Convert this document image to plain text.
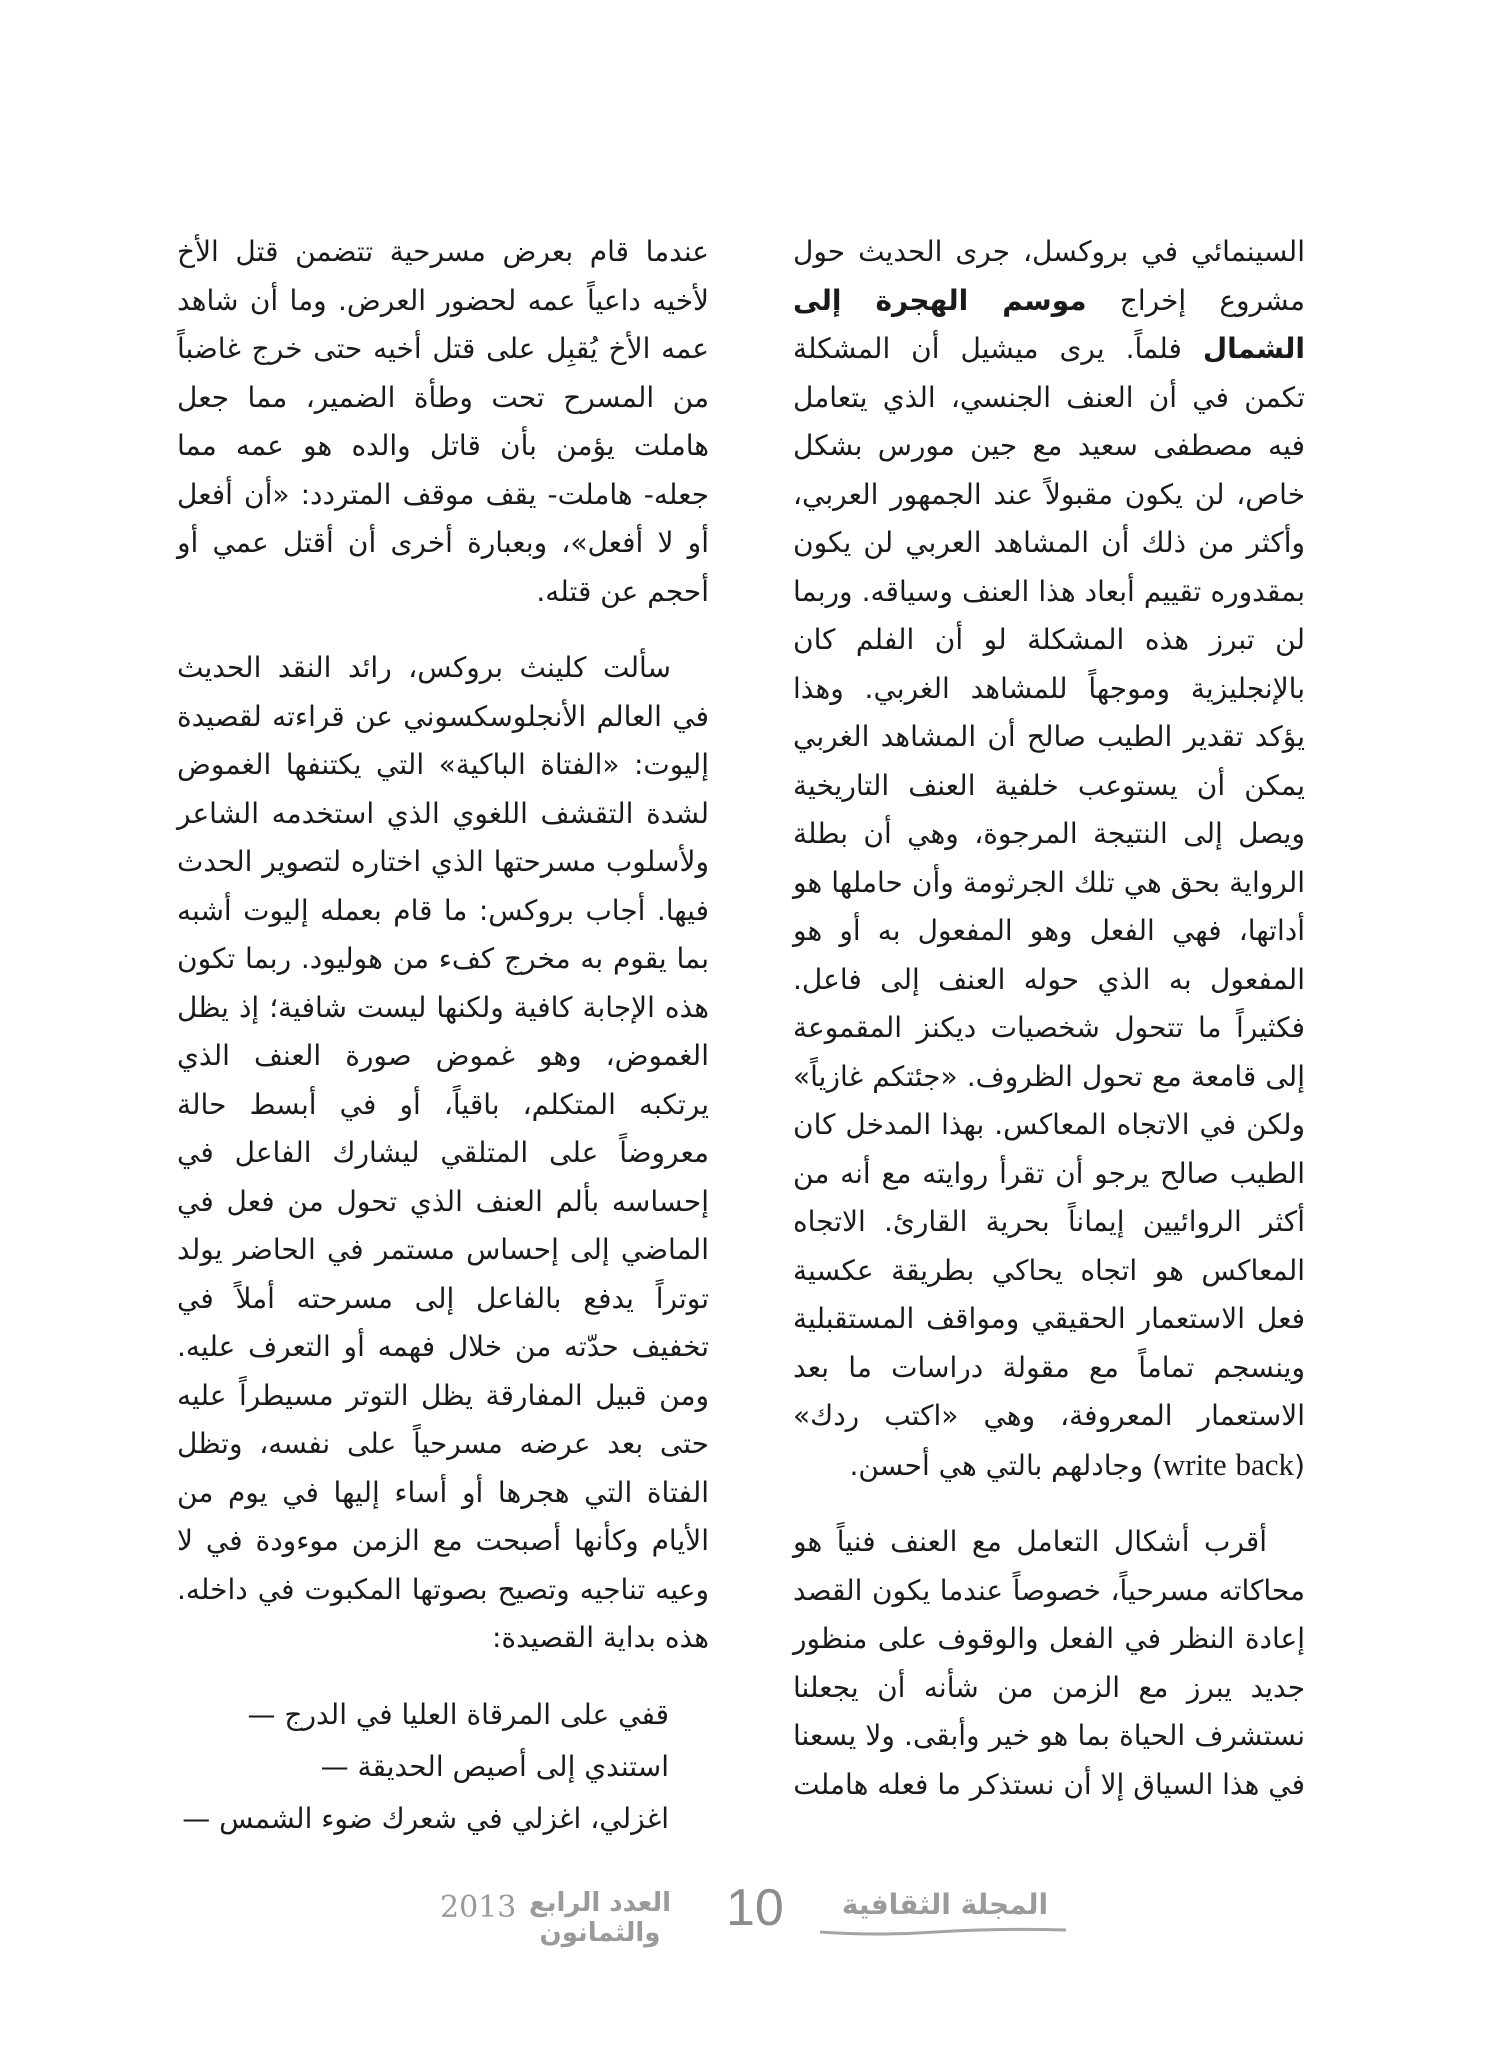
السينمائي في بروكسل، جرى الحديث حول مشروع إخراج موسم الهجرة إلى الشمال فلماً. يرى ميشيل أن المشكلة تكمن في أن العنف الجنسي، الذي يتعامل فيه مصطفى سعيد مع جين مورس بشكل خاص، لن يكون مقبولاً عند الجمهور العربي، وأكثر من ذلك أن المشاهد العربي لن يكون بمقدوره تقييم أبعاد هذا العنف وسياقه. وربما لن تبرز هذه المشكلة لو أن الفلم كان بالإنجليزية وموجهاً للمشاهد الغربي. وهذا يؤكد تقدير الطيب صالح أن المشاهد الغربي يمكن أن يستوعب خلفية العنف التاريخية ويصل إلى النتيجة المرجوة، وهي أن بطلة الرواية بحق هي تلك الجرثومة وأن حاملها هو أداتها، فهي الفعل وهو المفعول به أو هو المفعول به الذي حوله العنف إلى فاعل. فكثيراً ما تتحول شخصيات ديكنز المقموعة إلى قامعة مع تحول الظروف. «جئتكم غازياً» ولكن في الاتجاه المعاكس. بهذا المدخل كان الطيب صالح يرجو أن تقرأ روايته مع أنه من أكثر الروائيين إيماناً بحرية القارئ. الاتجاه المعاكس هو اتجاه يحاكي بطريقة عكسية فعل الاستعمار الحقيقي ومواقف المستقبلية وينسجم تماماً مع مقولة دراسات ما بعد الاستعمار المعروفة، وهي «اكتب ردك» (write back) وجادلهم بالتي هي أحسن.

أقرب أشكال التعامل مع العنف فنياً هو محاكاته مسرحياً، خصوصاً عندما يكون القصد إعادة النظر في الفعل والوقوف على منظور جديد يبرز مع الزمن من شأنه أن يجعلنا نستشرف الحياة بما هو خير وأبقى. ولا يسعنا في هذا السياق إلا أن نستذكر ما فعله هاملت

عندما قام بعرض مسرحية تتضمن قتل الأخ لأخيه داعياً عمه لحضور العرض. وما أن شاهد عمه الأخ يُقبِل على قتل أخيه حتى خرج غاضباً من المسرح تحت وطأة الضمير، مما جعل هاملت يؤمن بأن قاتل والده هو عمه مما جعله- هاملت- يقف موقف المتردد: «أن أفعل أو لا أفعل»، وبعبارة أخرى أن أقتل عمي أو أحجم عن قتله.

سألت كلينث بروكس، رائد النقد الحديث في العالم الأنجلوسكسوني عن قراءته لقصيدة إليوت: «الفتاة الباكية» التي يكتنفها الغموض لشدة التقشف اللغوي الذي استخدمه الشاعر ولأسلوب مسرحتها الذي اختاره لتصوير الحدث فيها. أجاب بروكس: ما قام بعمله إليوت أشبه بما يقوم به مخرج كفء من هوليود. ربما تكون هذه الإجابة كافية ولكنها ليست شافية؛ إذ يظل الغموض، وهو غموض صورة العنف الذي يرتكبه المتكلم، باقياً، أو في أبسط حالة معروضاً على المتلقي ليشارك الفاعل في إحساسه بألم العنف الذي تحول من فعل في الماضي إلى إحساس مستمر في الحاضر يولد توتراً يدفع بالفاعل إلى مسرحته أملاً في تخفيف حدّته من خلال فهمه أو التعرف عليه. ومن قبيل المفارقة يظل التوتر مسيطراً عليه حتى بعد عرضه مسرحياً على نفسه، وتظل الفتاة التي هجرها أو أساء إليها في يوم من الأيام وكأنها أصبحت مع الزمن موءودة في لا وعيه تناجيه وتصيح بصوتها المكبوت في داخله. هذه بداية القصيدة:

قفي على المرقاة العليا في الدرج —
استندي إلى أصيص الحديقة —
اغزلي، اغزلي في شعرك ضوء الشمس —
2013 العدد الرابع والثمانون	10	المجلة الثقافية
